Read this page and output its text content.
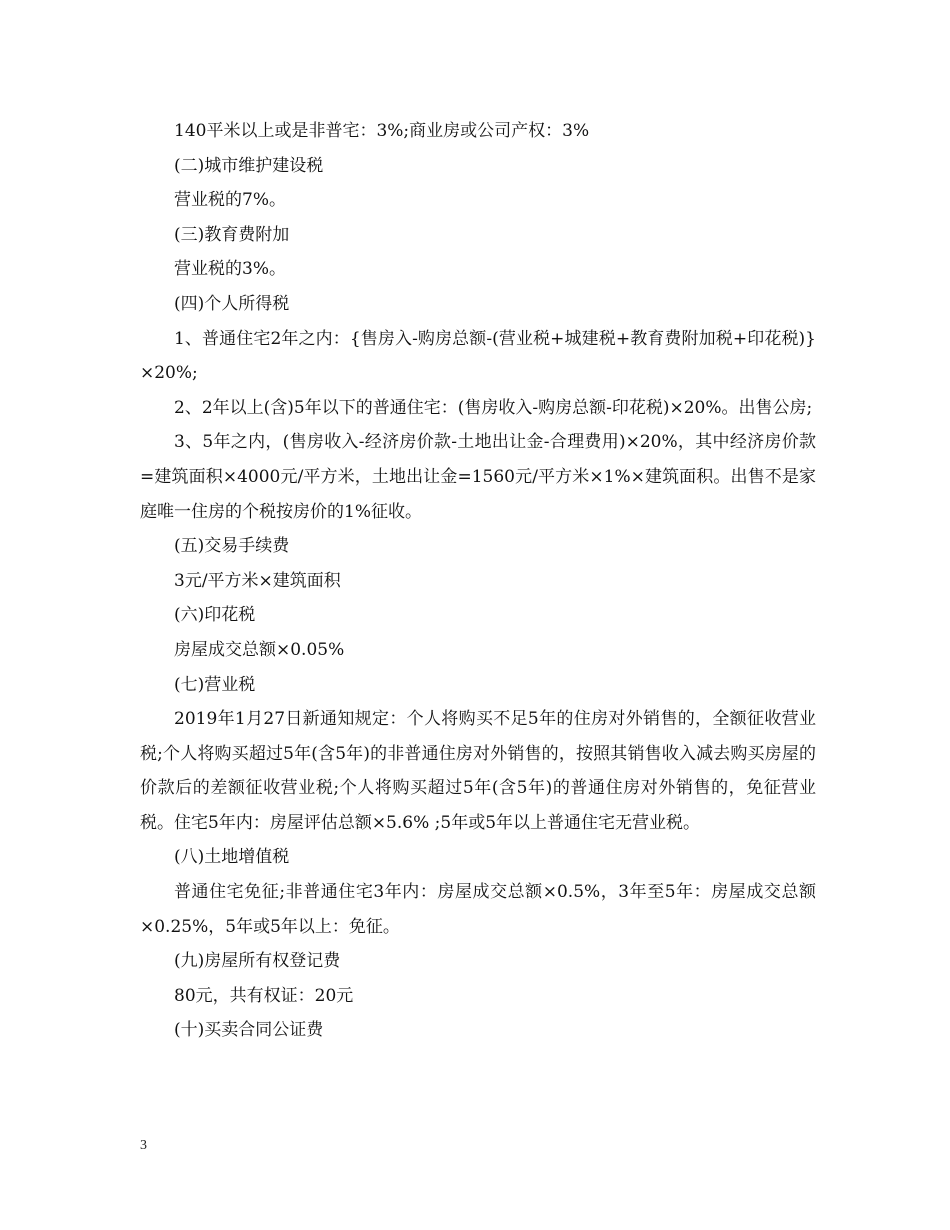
140平米以上或是非普宅：3%;商业房或公司产权：3%

(二)城市维护建设税

营业税的7%。

(三)教育费附加

营业税的3%。

(四)个人所得税

1、普通住宅2年之内：{售房入-购房总额-(营业税+城建税+教育费附加税+印花税)}×20%;

2、2年以上(含)5年以下的普通住宅：(售房收入-购房总额-印花税)×20%。出售公房;

3、5年之内，(售房收入-经济房价款-土地出让金-合理费用)×20%，其中经济房价款=建筑面积×4000元/平方米，土地出让金=1560元/平方米×1%×建筑面积。出售不是家庭唯一住房的个税按房价的1%征收。

(五)交易手续费

3元/平方米×建筑面积

(六)印花税

房屋成交总额×0.05%

(七)营业税

2019年1月27日新通知规定：个人将购买不足5年的住房对外销售的，全额征收营业税;个人将购买超过5年(含5年)的非普通住房对外销售的，按照其销售收入减去购买房屋的价款后的差额征收营业税;个人将购买超过5年(含5年)的普通住房对外销售的，免征营业税。住宅5年内：房屋评估总额×5.6% ;5年或5年以上普通住宅无营业税。

(八)土地增值税

普通住宅免征;非普通住宅3年内：房屋成交总额×0.5%，3年至5年：房屋成交总额×0.25%，5年或5年以上：免征。

(九)房屋所有权登记费

80元，共有权证：20元

(十)买卖合同公证费

3
